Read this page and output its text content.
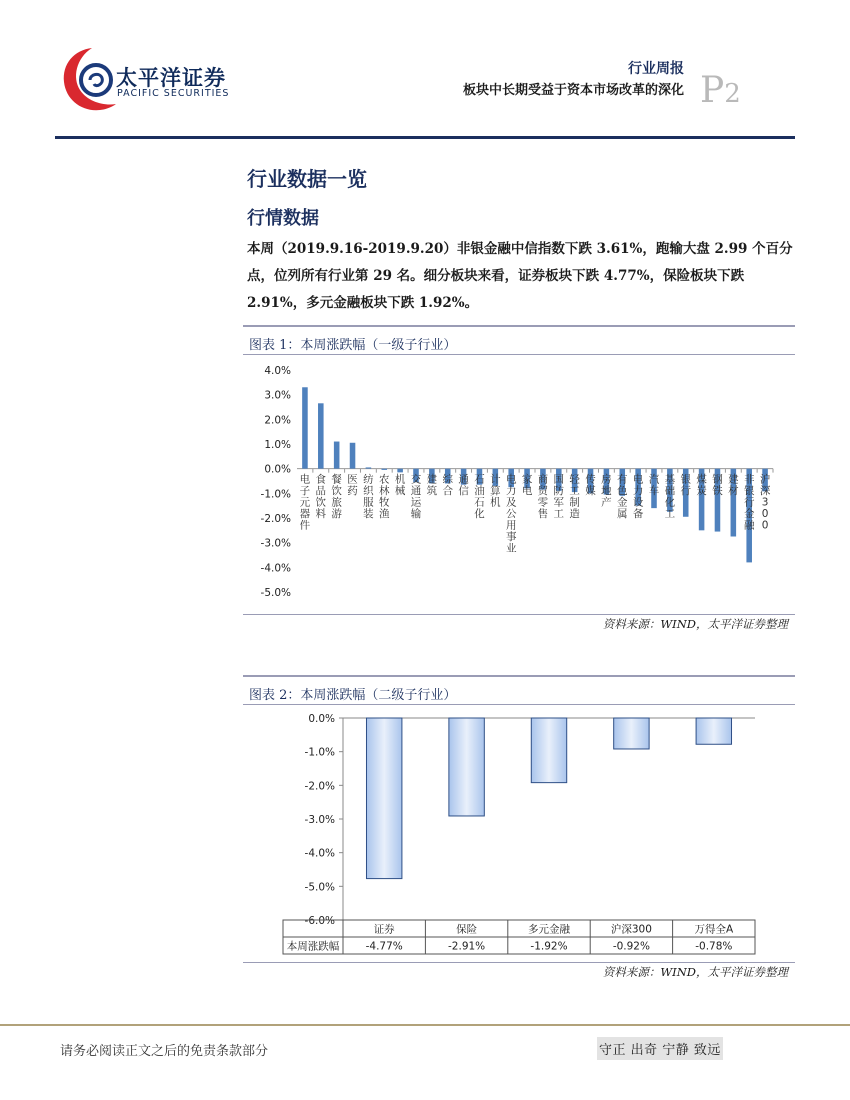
太平洋证券
PACIFIC SECURITIES
行业周报
板块中长期受益于资本市场改革的深化 P2
行业数据一览
行情数据
本周（2019.9.16-2019.9.20）非银金融中信指数下跌 3.61%，跑输大盘 2.99 个百分点，位列所有行业第 29 名。细分板块来看，证券板块下跌 4.77%，保险板块下跌 2.91%，多元金融板块下跌 1.92%。
图表 1：本周涨跌幅（一级子行业）
4.0%
3.0%
2.0%
1.0%
0.0%
-1.0%
-2.0%
-3.0%
-4.0%
-5.0%
电子元器件
食品饮料
餐饮旅游
医药
纺织服装
农林牧渔
机械
交通运输
建筑
综合
通信
石油石化
计算机
电力及公用事业
家电
商贸零售
国防军工
轻工制造
传媒
房地产
有色金属
电力设备
汽车
基础化工
银行
煤炭
钢铁
建材
非银行金融
沪深 3 0 0
资料来源：WIND，太平洋证券整理
图表 2：本周涨跌幅（二级子行业）
0.0%
-1.0%
-2.0%
-3.0%
-4.0%
-5.0%
-6.0%
本周涨跌幅
证券
-4.77%
保险
-2.91%
多元金融
-1.92%
沪深300
-0.92%
万得全A
-0.78%
资料来源：WIND，太平洋证券整理
请务必阅读正文之后的免责条款部分	守正 出奇 宁静 致远
